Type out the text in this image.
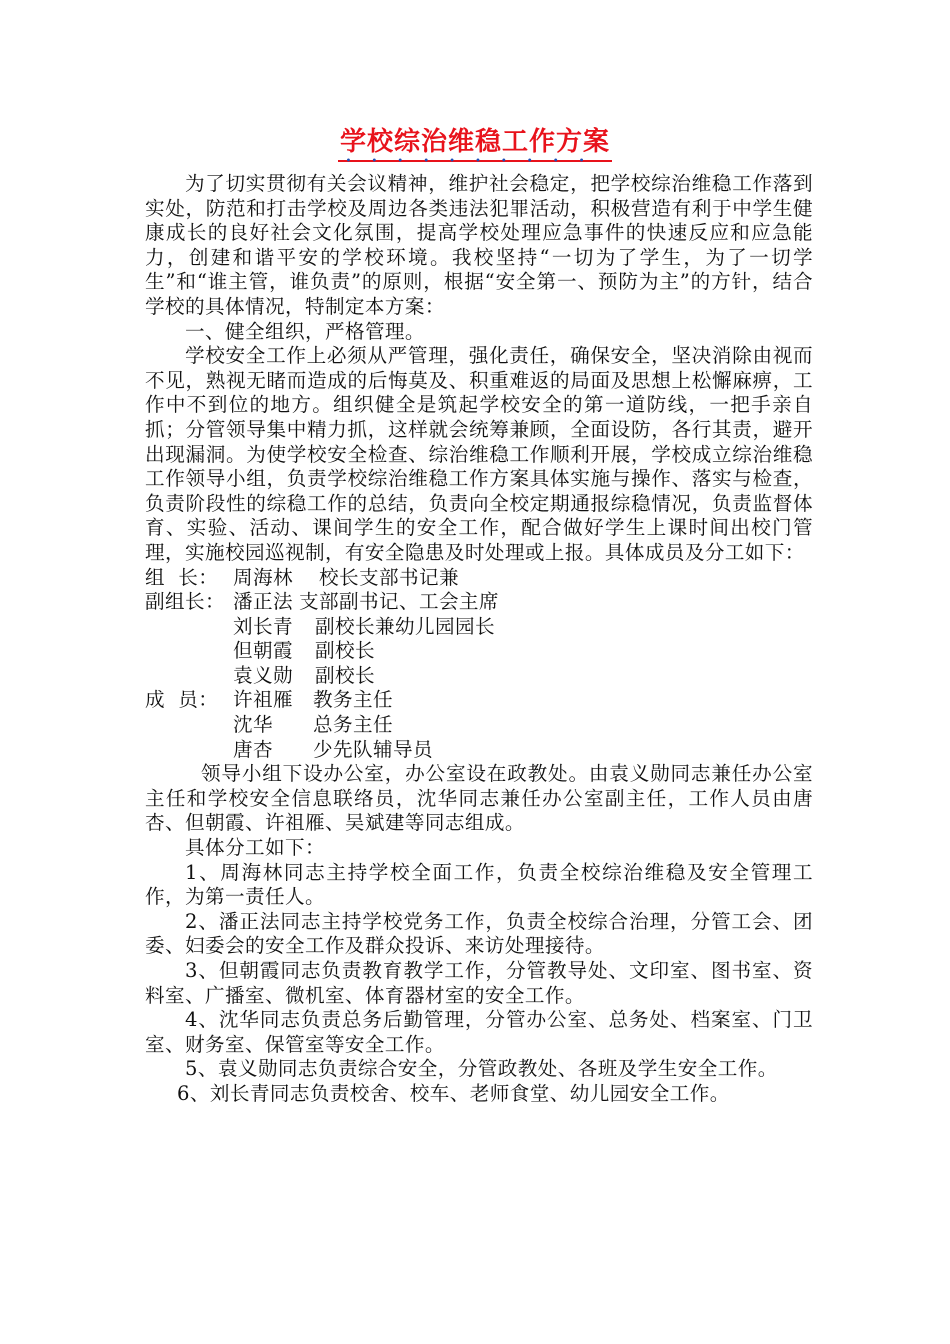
学校综治维稳工作方案
••••••••••

为了切实贯彻有关会议精神，维护社会稳定，把学校综治维稳工作落到实处，防范和打击学校及周边各类违法犯罪活动，积极营造有利于中学生健康成长的良好社会文化氛围，提高学校处理应急事件的快速反应和应急能力，创建和谐平安的学校环境。我校坚持“一切为了学生，为了一切学生”和“谁主管，谁负责”的原则，根据“安全第一、预防为主”的方针，结合学校的具体情况，特制定本方案：

一、健全组织，严格管理。

学校安全工作上必须从严管理，强化责任，确保安全，坚决消除由视而不见，熟视无睹而造成的后悔莫及、积重难返的局面及思想上松懈麻痹，工作中不到位的地方。组织健全是筑起学校安全的第一道防线，一把手亲自抓；分管领导集中精力抓，这样就会统筹兼顾，全面设防，各行其责，避开出现漏洞。为使学校安全检查、综治维稳工作顺利开展，学校成立综治维稳工作领导小组，负责学校综治维稳工作方案具体实施与操作、落实与检查，负责阶段性的综稳工作的总结，负责向全校定期通报综稳情况，负责监督体育、实验、活动、课间学生的安全工作，配合做好学生上课时间出校门管理，实施校园巡视制，有安全隐患及时处理或上报。具体成员及分工如下：

组  长： 周海林	校长支部书记兼
副组长： 潘正法 支部副书记、工会主席
刘长青	副校长兼幼儿园园长
但朝霞	副校长
袁义勋	副校长
成  员： 许祖雁	教务主任
沈华	总务主任
唐杏	少先队辅导员

领导小组下设办公室，办公室设在政教处。由袁义勋同志兼任办公室主任和学校安全信息联络员，沈华同志兼任办公室副主任，工作人员由唐杏、但朝霞、许祖雁、吴斌建等同志组成。

具体分工如下：

1、周海林同志主持学校全面工作，负责全校综治维稳及安全管理工作，为第一责任人。

2、潘正法同志主持学校党务工作，负责全校综合治理，分管工会、团委、妇委会的安全工作及群众投诉、来访处理接待。

3、但朝霞同志负责教育教学工作，分管教导处、文印室、图书室、资料室、广播室、微机室、体育器材室的安全工作。

4、沈华同志负责总务后勤管理，分管办公室、总务处、档案室、门卫室、财务室、保管室等安全工作。

5、袁义勋同志负责综合安全，分管政教处、各班及学生安全工作。

6、刘长青同志负责校舍、校车、老师食堂、幼儿园安全工作。
